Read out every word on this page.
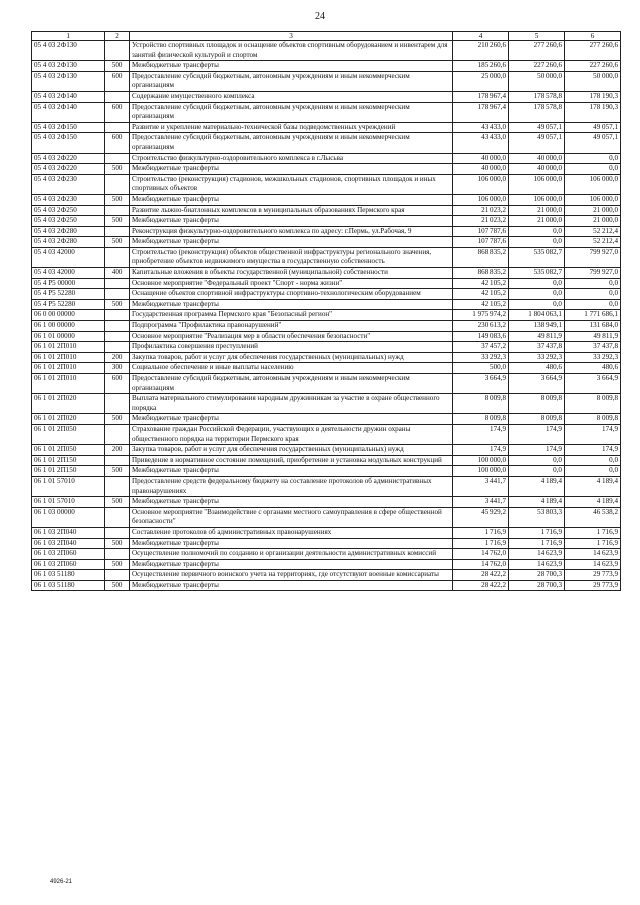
24
1	2	3	4	5	6
05 4 03 2Ф130		Устройство спортивных площадок и оснащение объектов спортивным оборудованием и инвентарем для занятий физической культурой и спортом	210 260,6	277 260,6	277 260,6
05 4 03 2Ф130	500	Межбюджетные трансферты	185 260,6	227 260,6	227 260,6
05 4 03 2Ф130	600	Предоставление субсидий бюджетным, автономным учреждениям и иным некоммерческим организациям	25 000,0	50 000,0	50 000,0
05 4 03 2Ф140		Содержание имущественного комплекса	178 967,4	178 578,8	178 190,3
05 4 03 2Ф140	600	Предоставление субсидий бюджетным, автономным учреждениям и иным некоммерческим организациям	178 967,4	178 578,8	178 190,3
05 4 03 2Ф150		Развитие и укрепление материально-технической базы подведомственных учреждений	43 433,0	49 057,1	49 057,1
05 4 03 2Ф150	600	Предоставление субсидий бюджетным, автономным учреждениям и иным некоммерческим организациям	43 433,0	49 057,1	49 057,1
05 4 03 2Ф220		Строительство физкультурно-оздоровительного комплекса в г.Лысьва	40 000,0	40 000,0	0,0
05 4 03 2Ф220	500	Межбюджетные трансферты	40 000,0	40 000,0	0,0
05 4 03 2Ф230		Строительство (реконструкция) стадионов, межшкольных стадионов, спортивных площадок и иных спортивных объектов	106 000,0	106 000,0	106 000,0
05 4 03 2Ф230	500	Межбюджетные трансферты	106 000,0	106 000,0	106 000,0
05 4 03 2Ф250		Развитие лыжно-биатлонных комплексов в муниципальных образованиях Пермского края	21 023,2	21 000,0	21 000,0
05 4 03 2Ф250	500	Межбюджетные трансферты	21 023,2	21 000,0	21 000,0
05 4 03 2Ф280		Реконструкция физкультурно-оздоровительного комплекса по адресу: г.Пермь, ул.Рабочая, 9	107 787,6	0,0	52 212,4
05 4 03 2Ф280	500	Межбюджетные трансферты	107 787,6	0,0	52 212,4
05 4 03 42000		Строительство (реконструкция) объектов общественной инфраструктуры регионального значения, приобретение объектов недвижимого имущества в государственную собственность	868 835,2	535 082,7	799 927,0
05 4 03 42000	400	Капитальные вложения в объекты государственной (муниципальной) собственности	868 835,2	535 082,7	799 927,0
05 4 P5 00000		Основное мероприятие "Федеральный проект "Спорт - норма жизни"	42 105,2	0,0	0,0
05 4 P5 52280		Оснащение объектов спортивной инфраструктуры спортивно-технологическим оборудованием	42 105,2	0,0	0,0
05 4 P5 52280	500	Межбюджетные трансферты	42 105,2	0,0	0,0
06 0 00 00000		Государственная программа Пермского края "Безопасный регион"	1 975 974,2	1 804 063,1	1 771 686,1
06 1 00 00000		Подпрограмма "Профилактика правонарушений"	230 613,2	138 949,1	131 684,0
06 1 01 00000		Основное мероприятие "Реализация мер в области обеспечения безопасности"	149 083,6	49 811,9	49 811,9
06 1 01 2П010		Профилактика совершения преступлений	37 457,2	37 437,8	37 437,8
06 1 01 2П010	200	Закупка товаров, работ и услуг для обеспечения государственных (муниципальных) нужд	33 292,3	33 292,3	33 292,3
06 1 01 2П010	300	Социальное обеспечение и иные выплаты населению	500,0	480,6	480,6
06 1 01 2П010	600	Предоставление субсидий бюджетным, автономным учреждениям и иным некоммерческим организациям	3 664,9	3 664,9	3 664,9
06 1 01 2П020		Выплата материального стимулирования народным дружинникам за участие в охране общественного порядка	8 009,8	8 009,8	8 009,8
06 1 01 2П020	500	Межбюджетные трансферты	8 009,8	8 009,8	8 009,8
06 1 01 2П050		Страхование граждан Российской Федерации, участвующих в деятельности дружин охраны общественного порядка на территории Пермского края	174,9	174,9	174,9
06 1 01 2П050	200	Закупка товаров, работ и услуг для обеспечения государственных (муниципальных) нужд	174,9	174,9	174,9
06 1 01 2П150		Приведение в нормативное состояние помещений, приобретение и установка модульных конструкций	100 000,0	0,0	0,0
06 1 01 2П150	500	Межбюджетные трансферты	100 000,0	0,0	0,0
06 1 01 57010		Предоставление средств федеральному бюджету на составление протоколов об административных правонарушениях	3 441,7	4 189,4	4 189,4
06 1 01 57010	500	Межбюджетные трансферты	3 441,7	4 189,4	4 189,4
06 1 03 00000		Основное мероприятие "Взаимодействие с органами местного самоуправления в сфере общественной безопасности"	45 929,2	53 803,3	46 538,2
06 1 03 2П040		Составление протоколов об административных правонарушениях	1 716,9	1 716,9	1 716,9
06 1 03 2П040	500	Межбюджетные трансферты	1 716,9	1 716,9	1 716,9
06 1 03 2П060		Осуществление полномочий по созданию и организации деятельности административных комиссий	14 762,0	14 623,9	14 623,9
06 1 03 2П060	500	Межбюджетные трансферты	14 762,0	14 623,9	14 623,9
06 1 03 51180		Осуществление первичного воинского учета на территориях, где отсутствуют военные комиссариаты	28 422,2	28 700,3	29 773,9
06 1 03 51180	500	Межбюджетные трансферты	28 422,2	28 700,3	29 773,9
4926-21
